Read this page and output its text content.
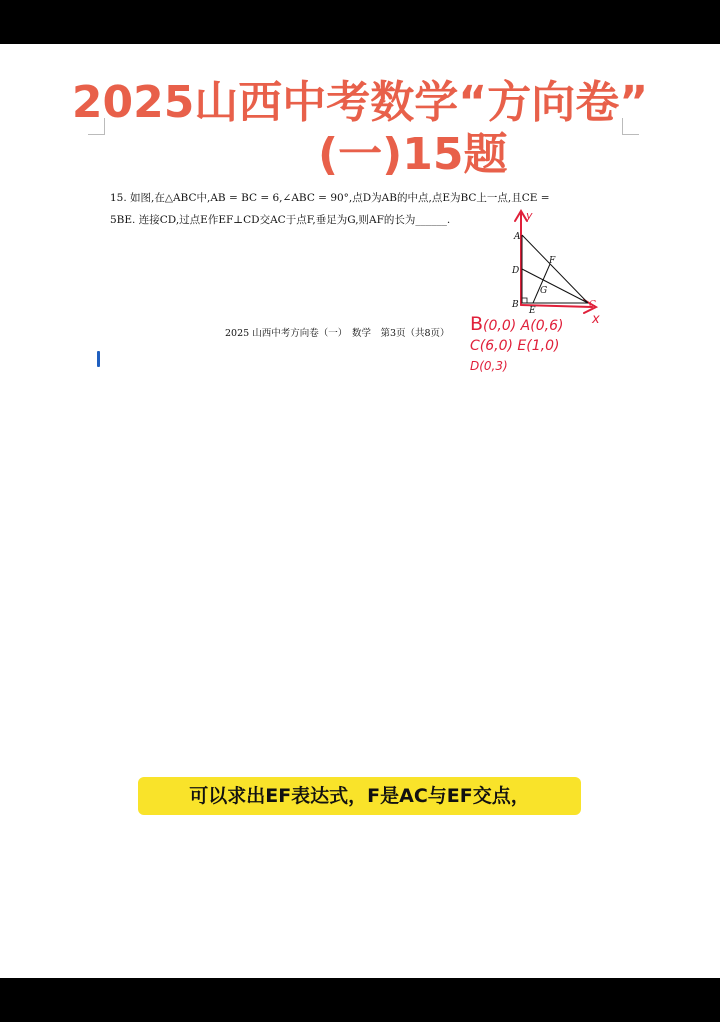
2025山西中考数学“方向卷”
(一)15题
15. 如图,在△ABC中,AB = BC = 6,∠ABC = 90°,点D为AB的中点,点E为BC上一点,且CE =
5BE. 连接CD,过点E作EF⊥CD交AC于点F,垂足为G,则AF的长为______.
A
D
B
E
F
G
C
y
x
2025 山西中考方向卷（一）　数学　第3页（共8页） B(0,0) A(0,6)
C(6,0) E(1,0)
D(0,3)
可以求出EF表达式，F是AC与EF交点，
